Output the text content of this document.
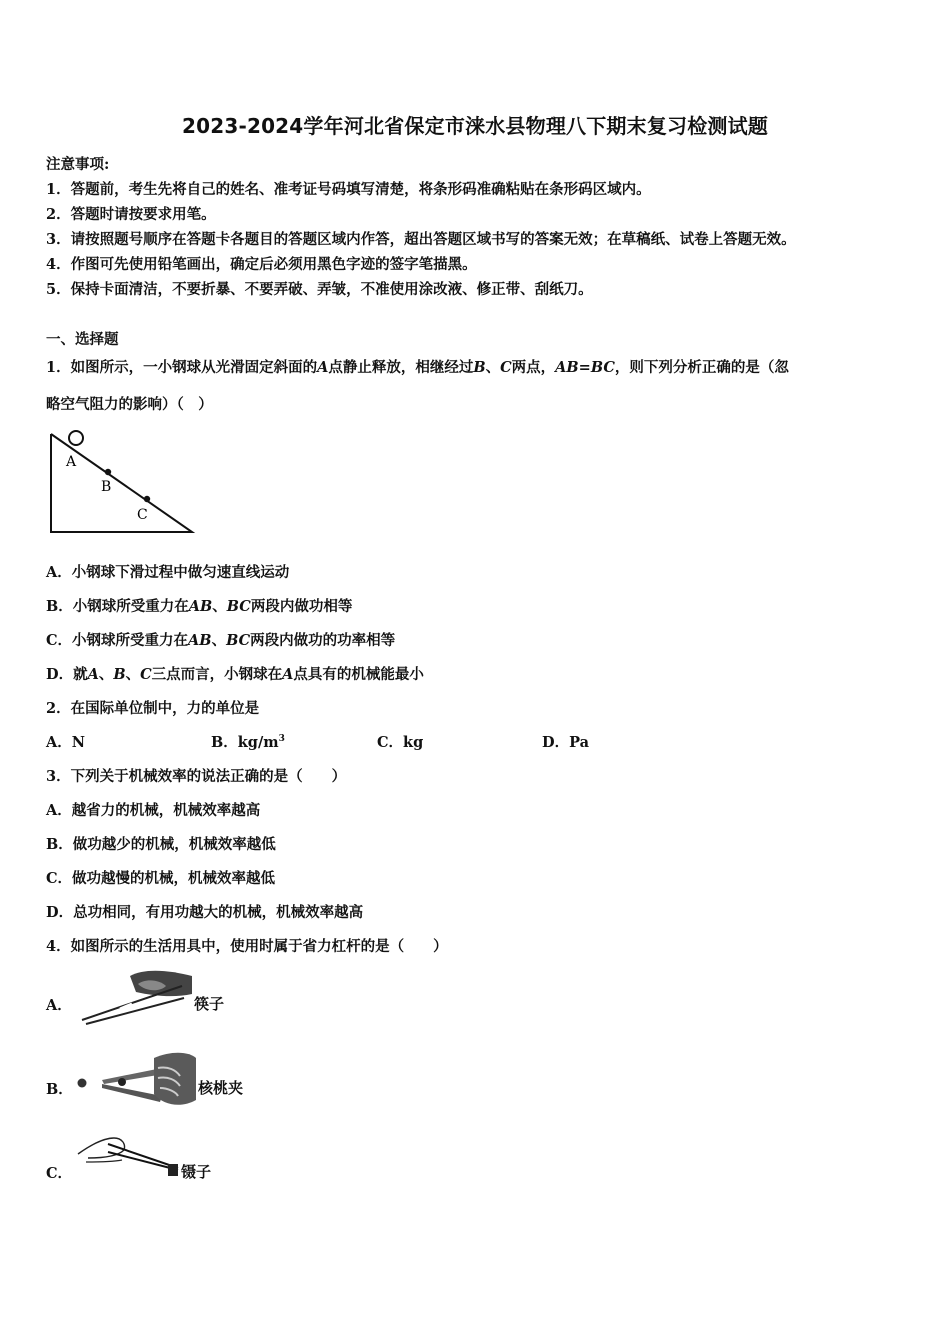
2023-2024学年河北省保定市涞水县物理八下期末复习检测试题
注意事项:
1．答题前，考生先将自己的姓名、准考证号码填写清楚，将条形码准确粘贴在条形码区域内。
2．答题时请按要求用笔。
3．请按照题号顺序在答题卡各题目的答题区域内作答，超出答题区域书写的答案无效；在草稿纸、试卷上答题无效。
4．作图可先使用铅笔画出，确定后必须用黑色字迹的签字笔描黑。
5．保持卡面清洁，不要折暴、不要弄破、弄皱，不准使用涂改液、修正带、刮纸刀。
一、选择题
1．如图所示，一小钢球从光滑固定斜面的A点静止释放，相继经过B、C两点，AB=BC，则下列分析正确的是（忽
略空气阻力的影响）（　）
A
B
C
A．小钢球下滑过程中做匀速直线运动
B．小钢球所受重力在AB、BC两段内做功相等
C．小钢球所受重力在AB、BC两段内做功的功率相等
D．就A、B、C三点而言，小钢球在A点具有的机械能最小
2．在国际单位制中，力的单位是
A．N	B．$kg/m^3$	C．kg	D．Pa
3．下列关于机械效率的说法正确的是（　　）
A．越省力的机械，机械效率越高
B．做功越少的机械，机械效率越低
C．做功越慢的机械，机械效率越低
D．总功相同，有用功越大的机械，机械效率越高
4．如图所示的生活用具中，使用时属于省力杠杆的是（　　）
A．	筷子
B．	核桃夹
C．	镊子
